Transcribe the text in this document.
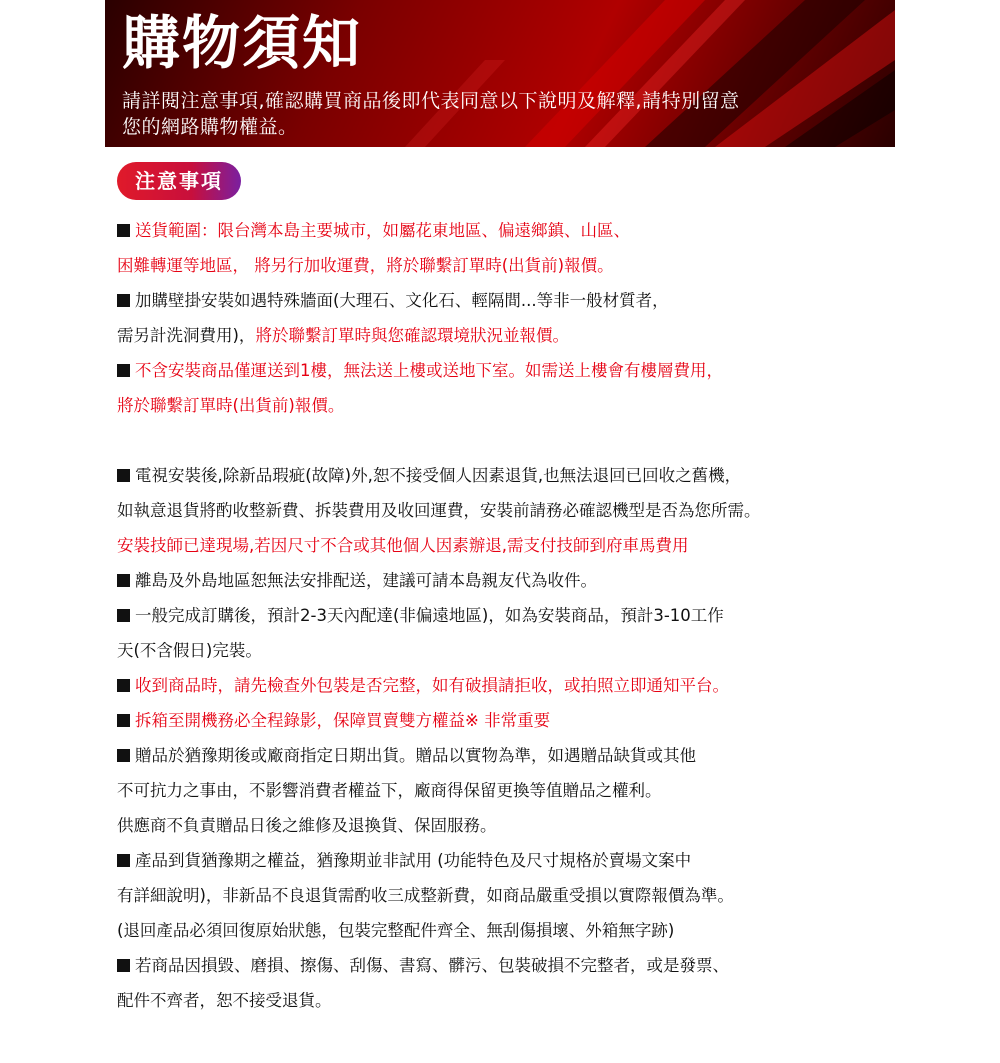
購物須知

請詳閱注意事項,確認購買商品後即代表同意以下說明及解釋,請特別留意您的網路購物權益。

注意事項
送貨範圍：限台灣本島主要城市，如屬花東地區、偏遠鄉鎮、山區、
困難轉運等地區， 將另行加收運費，將於聯繫訂單時(出貨前)報價。
加購壁掛安裝如遇特殊牆面(大理石、文化石、輕隔間...等非一般材質者，
需另計洗洞費用)，將於聯繫訂單時與您確認環境狀況並報價。
不含安裝商品僅運送到1樓，無法送上樓或送地下室。如需送上樓會有樓層費用，
將於聯繫訂單時(出貨前)報價。
電視安裝後,除新品瑕疵(故障)外,恕不接受個人因素退貨,也無法退回已回收之舊機，
如執意退貨將酌收整新費、拆裝費用及收回運費，安裝前請務必確認機型是否為您所需。
安裝技師已達現場,若因尺寸不合或其他個人因素辦退,需支付技師到府車馬費用
離島及外島地區恕無法安排配送，建議可請本島親友代為收件。
一般完成訂購後，預計2-3天內配達(非偏遠地區)，如為安裝商品，預計3-10工作
天(不含假日)完裝。
收到商品時，請先檢查外包裝是否完整，如有破損請拒收，或拍照立即通知平台。
拆箱至開機務必全程錄影，保障買賣雙方權益※ 非常重要
贈品於猶豫期後或廠商指定日期出貨。贈品以實物為準，如遇贈品缺貨或其他
不可抗力之事由，不影響消費者權益下，廠商得保留更換等值贈品之權利。
供應商不負責贈品日後之維修及退換貨、保固服務。
產品到貨猶豫期之權益，猶豫期並非試用 (功能特色及尺寸規格於賣場文案中
有詳細說明)，非新品不良退貨需酌收三成整新費，如商品嚴重受損以實際報價為準。
(退回產品必須回復原始狀態，包裝完整配件齊全、無刮傷損壞、外箱無字跡)
若商品因損毀、磨損、擦傷、刮傷、書寫、髒污、包裝破損不完整者，或是發票、
配件不齊者，恕不接受退貨。
